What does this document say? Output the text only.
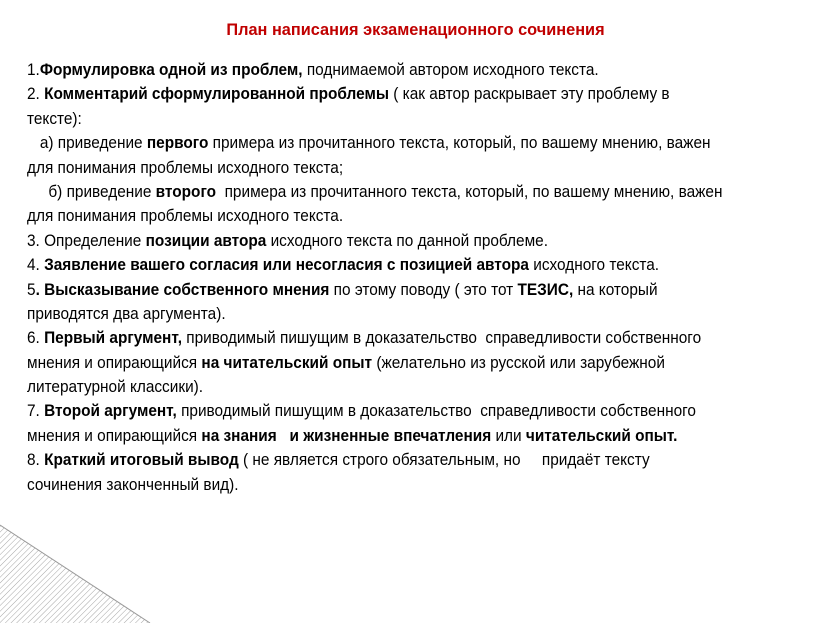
План написания экзаменационного сочинения
1.Формулировка одной из проблем, поднимаемой автором исходного текста.
2. Комментарий сформулированной проблемы ( как автор раскрывает эту проблему в
тексте):
а) приведение первого примера из прочитанного текста, который, по вашему мнению, важен
для понимания проблемы исходного текста;
б) приведение второго  примера из прочитанного текста, который, по вашему мнению, важен
для понимания проблемы исходного текста.
3. Определение позиции автора исходного текста по данной проблеме.
4. Заявление вашего согласия или несогласия с позицией автора исходного текста.
5. Высказывание собственного мнения по этому поводу ( это тот ТЕЗИС, на который
приводятся два аргумента).
6. Первый аргумент, приводимый пишущим в доказательство  справедливости собственного
мнения и опирающийся на читательский опыт (желательно из русской или зарубежной
литературной классики).
7. Второй аргумент, приводимый пишущим в доказательство  справедливости собственного
мнения и опирающийся на знания   и жизненные впечатления или читательский опыт.
8. Краткий итоговый вывод ( не является строго обязательным, но     придаёт тексту
сочинения законченный вид).
